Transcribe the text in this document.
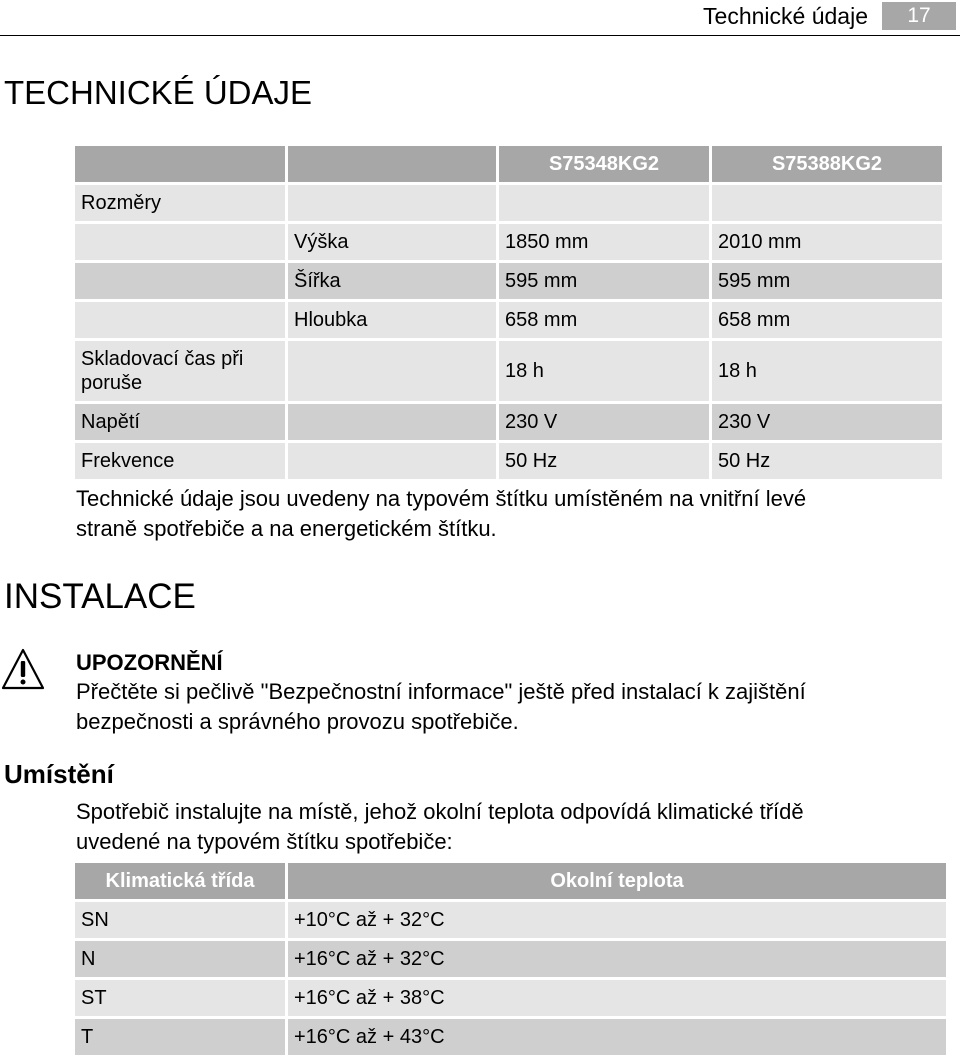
Technické údaje	17
TECHNICKÉ ÚDAJE
		S75348KG2	S75388KG2
Rozměry			
	Výška	1850 mm	2010 mm
	Šířka	595 mm	595 mm
	Hloubka	658 mm	658 mm
Skladovací čas při
poruše		18 h	18 h
Napětí		230 V	230 V
Frekvence		50 Hz	50 Hz
Technické údaje jsou uvedeny na typovém štítku umístěném na vnitřní levé
straně spotřebiče a na energetickém štítku.
INSTALACE
UPOZORNĚNÍ
Přečtěte si pečlivě "Bezpečnostní informace" ještě před instalací k zajištění
bezpečnosti a správného provozu spotřebiče.
Umístění
Spotřebič instalujte na místě, jehož okolní teplota odpovídá klimatické třídě
uvedené na typovém štítku spotřebiče:
Klimatická třída	Okolní teplota
SN	+10°C až + 32°C
N	+16°C až + 32°C
ST	+16°C až + 38°C
T	+16°C až + 43°C
